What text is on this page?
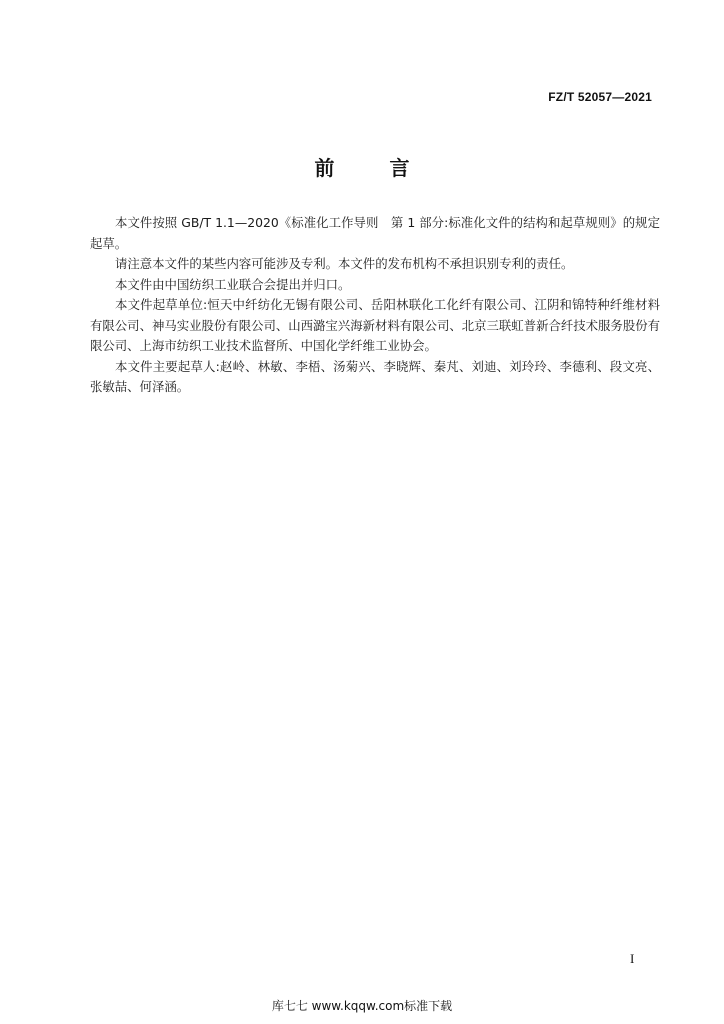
FZ/T 52057—2021
前 言

本文件按照 GB/T 1.1—2020《标准化工作导则　第 1 部分:标准化文件的结构和起草规则》的规定起草。

请注意本文件的某些内容可能涉及专利。本文件的发布机构不承担识别专利的责任。

本文件由中国纺织工业联合会提出并归口。

本文件起草单位:恒天中纤纺化无锡有限公司、岳阳林联化工化纤有限公司、江阴和锦特种纤维材料有限公司、神马实业股份有限公司、山西潞宝兴海新材料有限公司、北京三联虹普新合纤技术服务股份有限公司、上海市纺织工业技术监督所、中国化学纤维工业协会。

本文件主要起草人:赵岭、林敏、李梧、汤菊兴、李晓辉、秦芃、刘迪、刘玲玲、李德利、段文亮、张敏喆、何泽涵。

I
库七七 www.kqqw.com标准下载
